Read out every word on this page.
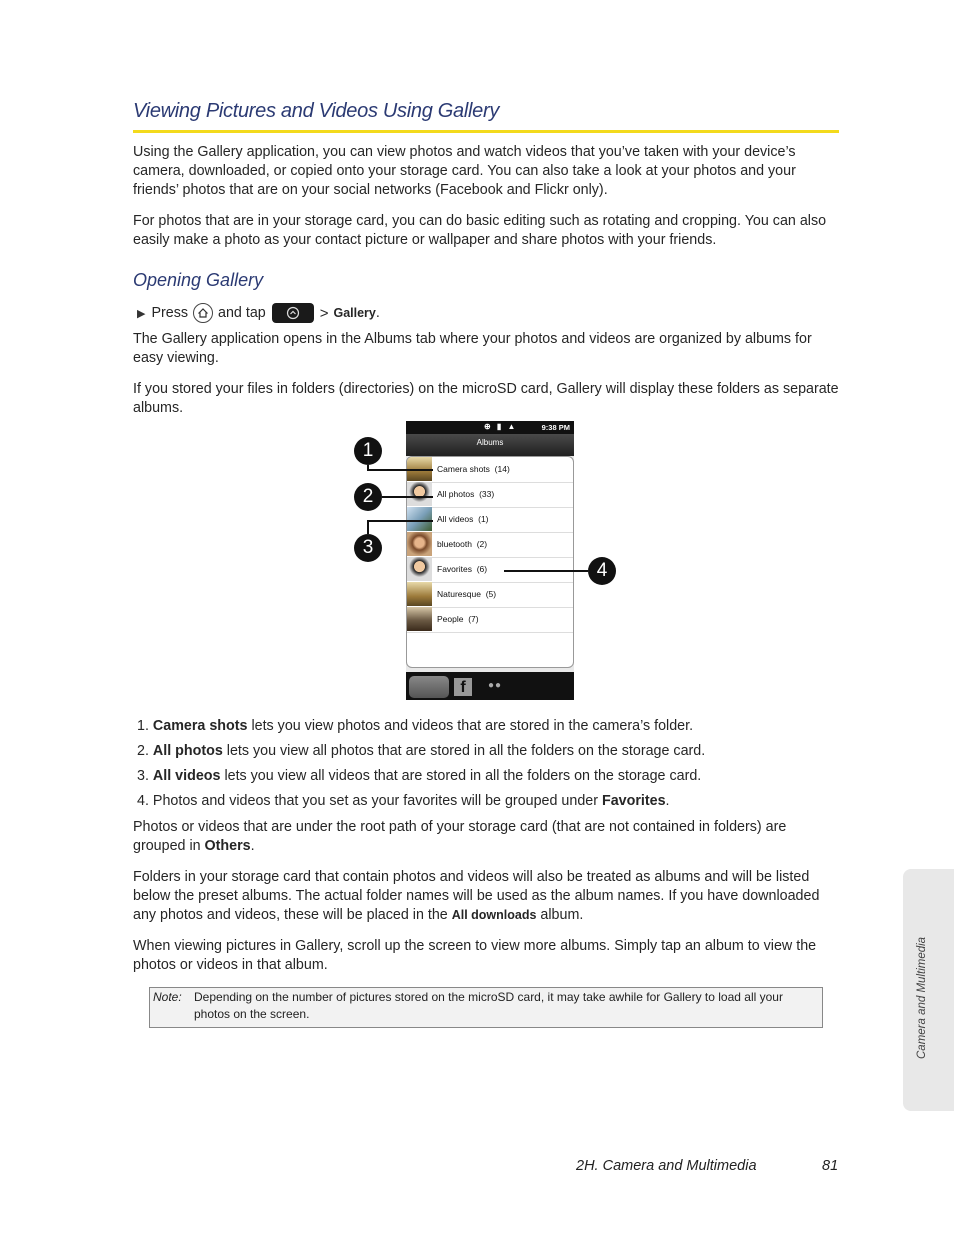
Viewing Pictures and Videos Using Gallery
Using the Gallery application, you can view photos and watch videos that you’ve taken with your device’s camera, downloaded, or copied onto your storage card. You can also take a look at your photos and your friends’ photos that are on your social networks (Facebook and Flickr only).
For photos that are in your storage card, you can do basic editing such as rotating and cropping. You can also easily make a photo as your contact picture or wallpaper and share photos with your friends.
Opening Gallery
▶ Press and tap	> Gallery .
The Gallery application opens in the Albums tab where your photos and videos are organized by albums for easy viewing.
If you stored your files in folders (directories) on the microSD card, Gallery will display these folders as separate albums.
⊕ ▮ ▲	9:38 PM
Albums
Camera shots (14)
All photos (33)
All videos (1)
bluetooth (2)
Favorites (6)
Naturesque (5)
People (7)
f	●●
1
2
3
4
1. Camera shots lets you view photos and videos that are stored in the camera’s folder.
2. All photos lets you view all photos that are stored in all the folders on the storage card.
3. All videos lets you view all videos that are stored in all the folders on the storage card.
4. Photos and videos that you set as your favorites will be grouped under Favorites.
Photos or videos that are under the root path of your storage card (that are not contained in folders) are grouped in Others.
Folders in your storage card that contain photos and videos will also be treated as albums and will be listed below the preset albums. The actual folder names will be used as the album names. If you have downloaded any photos and videos, these will be placed in the All downloads album.
When viewing pictures in Gallery, scroll up the screen to view more albums. Simply tap an album to view the photos or videos in that album.
Note: Depending on the number of pictures stored on the microSD card, it may take awhile for Gallery to load all your photos on the screen.	Camera and Multimedia
2H. Camera and Multimedia	81
